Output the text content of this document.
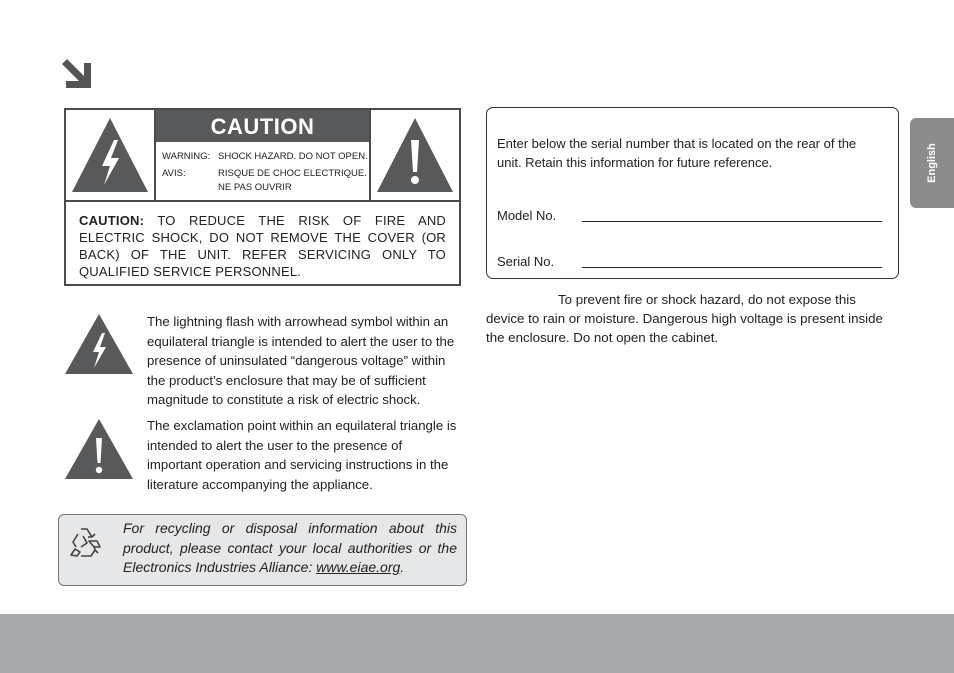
CAUTION
WARNING: SHOCK HAZARD. DO NOT OPEN.
AVIS:	RISQUE DE CHOC ELECTRIQUE.
NE PAS OUVRIR
CAUTION: TO REDUCE THE RISK OF FIRE AND ELECTRIC SHOCK, DO NOT REMOVE THE COVER (OR BACK) OF THE UNIT. REFER SERVICING ONLY TO QUALIFIED SERVICE PERSONNEL.
The lightning flash with arrowhead symbol within an equilateral triangle is intended to alert the user to the presence of uninsulated “dangerous voltage” within the product’s enclosure that may be of sufficient magnitude to constitute a risk of electric shock.
The exclamation point within an equilateral triangle is intended to alert the user to the presence of important operation and servicing instructions in the literature accompanying the appliance.
For recycling or disposal information about this product, please contact your local authorities or the Electronics Industries Alliance: www.eiae.org.
Enter below the serial number that is located on the rear of the unit. Retain this information for future reference.
Model No.
Serial No.
To prevent fire or shock hazard, do not expose this device to rain or moisture. Dangerous high voltage is present inside the enclosure. Do not open the cabinet.
English
